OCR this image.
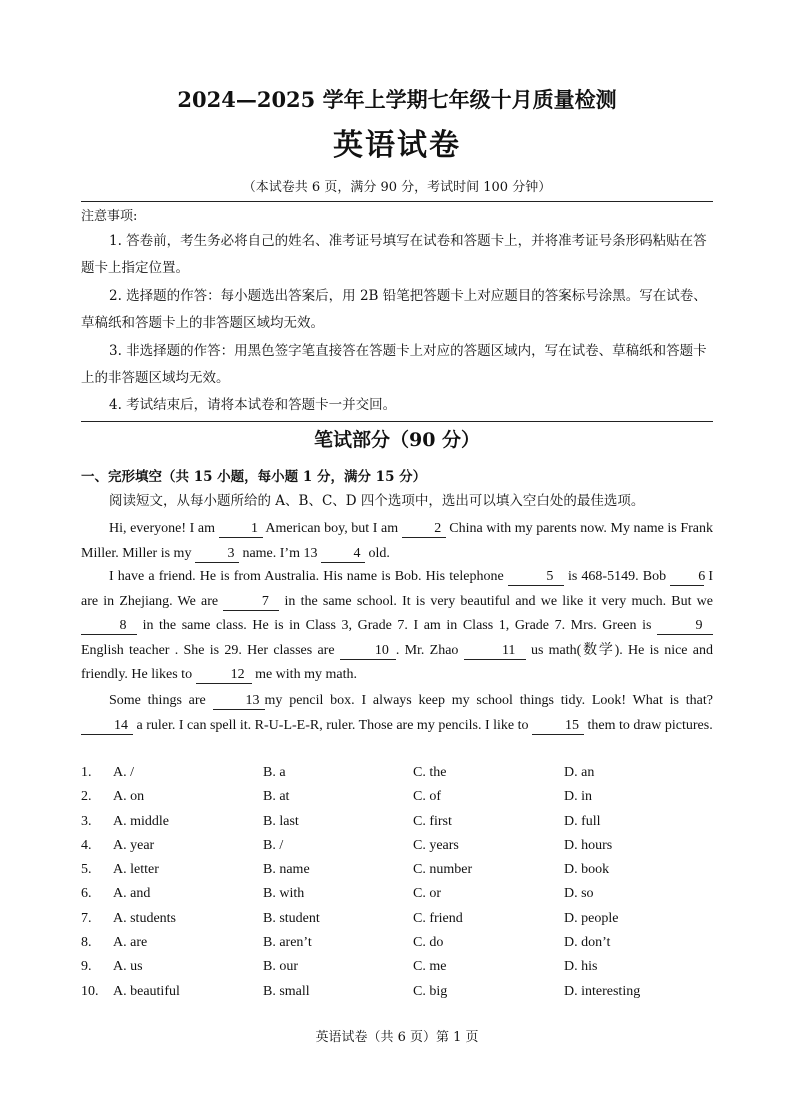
2024—2025 学年上学期七年级十月质量检测
英语试卷
（本试卷共 6 页，满分 90 分，考试时间 100 分钟）
注意事项:
1. 答卷前，考生务必将自己的姓名、准考证号填写在试卷和答题卡上，并将准考证号条形码粘贴在答题卡上指定位置。
2. 选择题的作答：每小题选出答案后，用 2B 铅笔把答题卡上对应题目的答案标号涂黑。写在试卷、草稿纸和答题卡上的非答题区域均无效。
3. 非选择题的作答：用黑色签字笔直接答在答题卡上对应的答题区域内，写在试卷、草稿纸和答题卡上的非答题区域均无效。
4. 考试结束后，请将本试卷和答题卡一并交回。
笔试部分（90 分）
一、完形填空（共 15 小题，每小题 1 分，满分 15 分）
阅读短文，从每小题所给的 A、B、C、D 四个选项中，选出可以填入空白处的最佳选项。
Hi, everyone! I am 1 American boy, but I am 2 China with my parents now. My name is Frank Miller. Miller is my 3 name. I’m 13 4 old.
I have a friend. He is from Australia. His name is Bob. His telephone	5 is 468-5149. Bob 6 I are in Zhejiang. We are	7 in the same school. It is very beautiful and we like it very much. But we 8 in the same class. He is in Class 3, Grade 7. I am in Class 1, Grade 7. Mrs. Green is	9 English teacher . She is 29. Her classes are	10 . Mr. Zhao	11 us math(数学). He is nice and friendly. He likes to	12 me with my math.
Some things are 13 my pencil box. I always keep my school things tidy. Look! What is that? 14 a ruler. I can spell it. R-U-L-E-R, ruler. Those are my pencils. I like to 15 them to draw pictures.
1. A. /	B. a	C. the	D. an
2. A. on	B. at	C. of	D. in
3. A. middle	B. last	C. first	D. full
4. A. year	B. /	C. years	D. hours
5. A. letter	B. name	C. number	D. book
6. A. and	B. with	C. or	D. so
7. A. students	B. student	C. friend	D. people
8. A. are	B. aren’t	C. do	D. don’t
9. A. us	B. our	C. me	D. his
10. A. beautiful	B. small	C. big	D. interesting
英语试卷（共 6 页）第 1 页
